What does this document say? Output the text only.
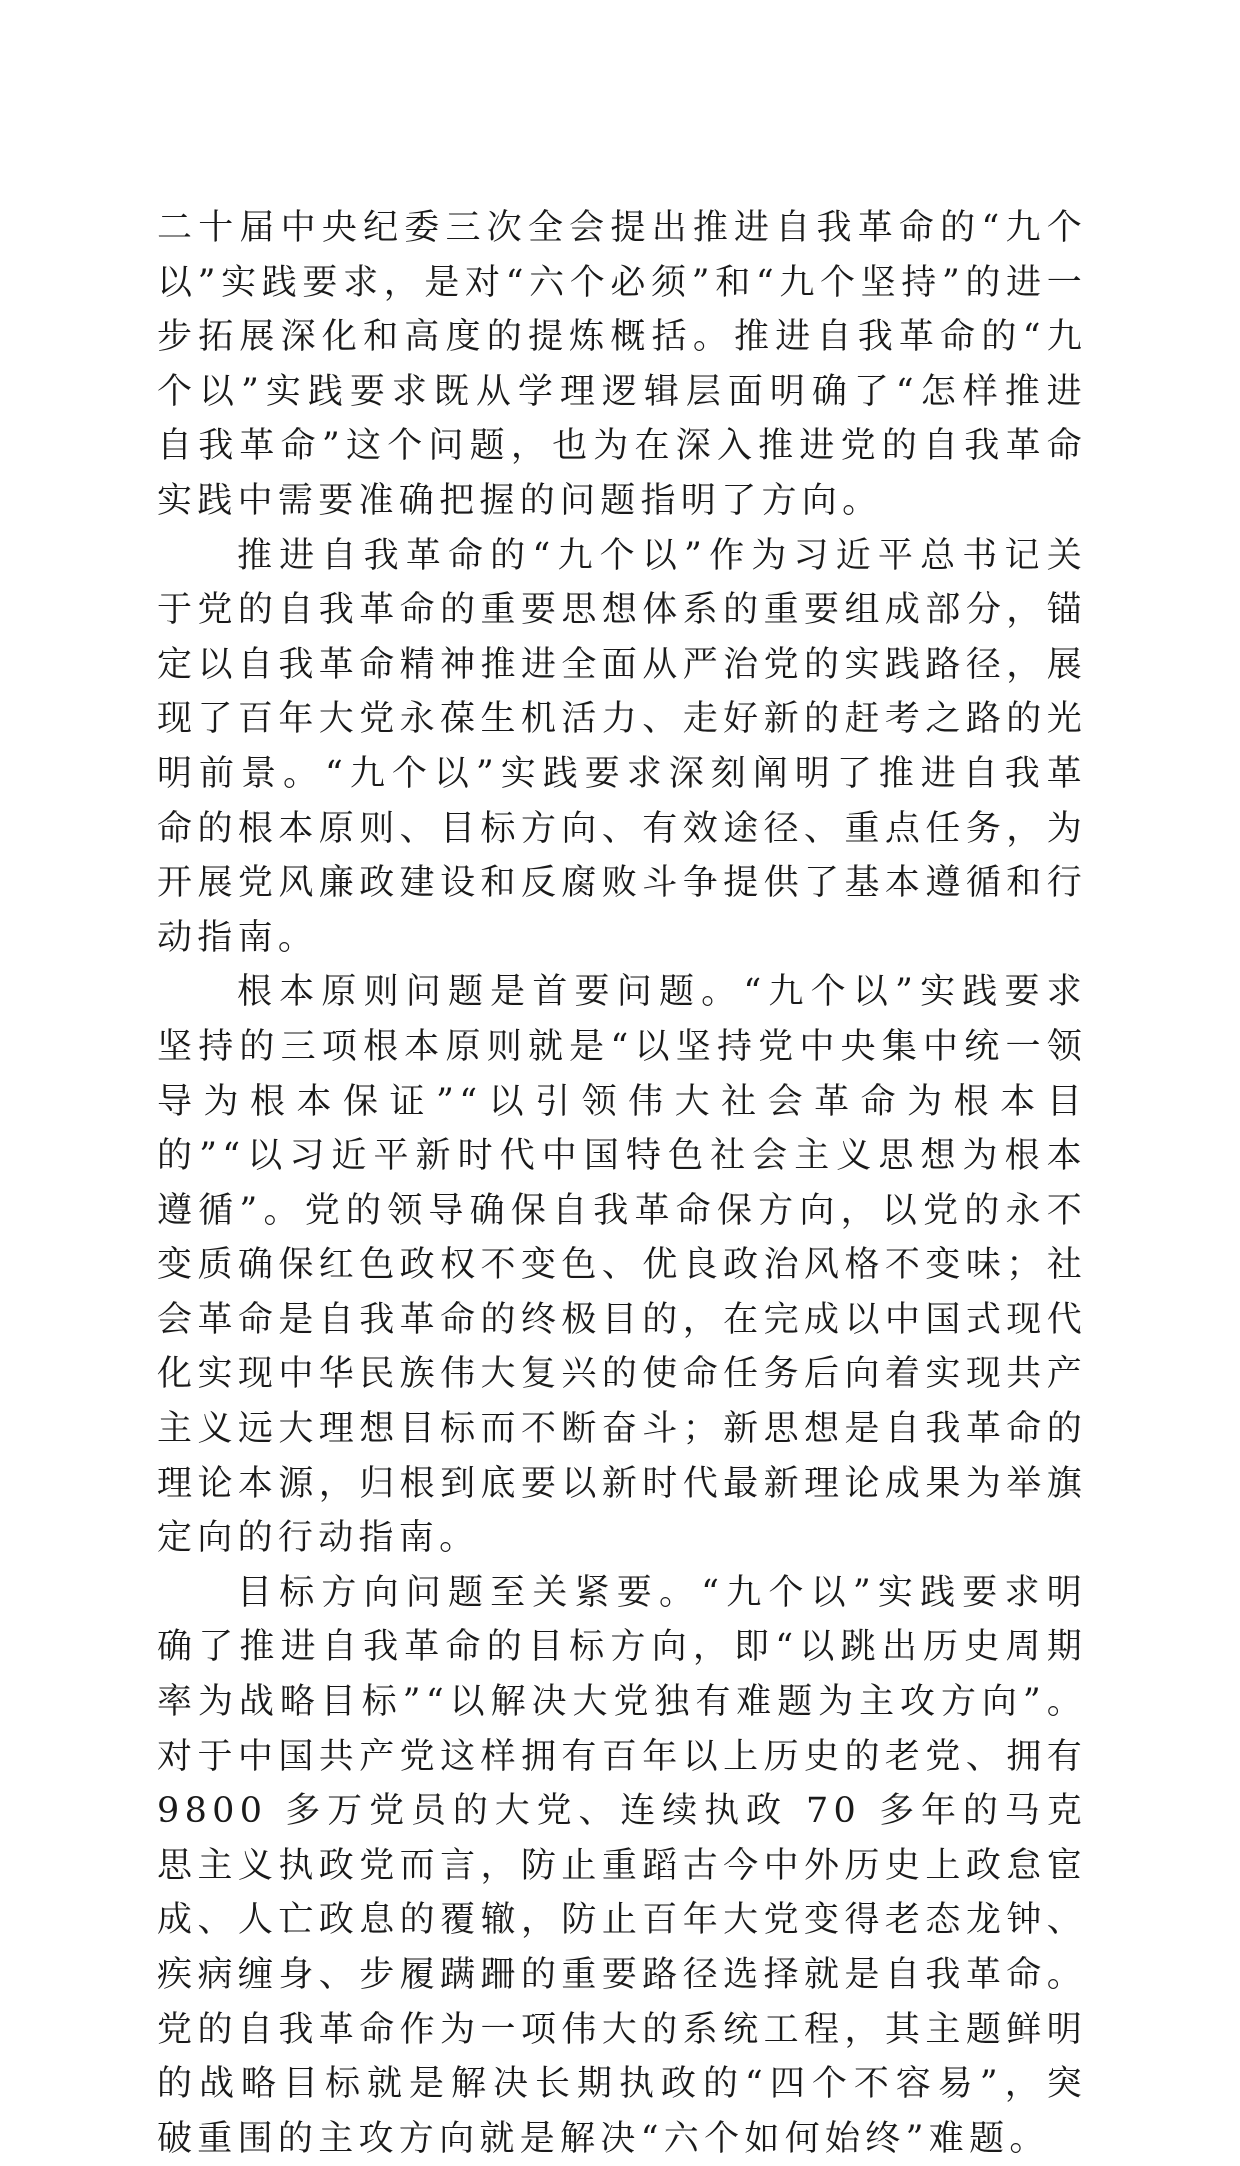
二十届中央纪委三次全会提出推进自我革命的“九个以”实践要求，是对“六个必须”和“九个坚持”的进一步拓展深化和高度的提炼概括。推进自我革命的“九个以”实践要求既从学理逻辑层面明确了“怎样推进自我革命”这个问题，也为在深入推进党的自我革命实践中需要准确把握的问题指明了方向。

推进自我革命的“九个以”作为习近平总书记关于党的自我革命的重要思想体系的重要组成部分，锚定以自我革命精神推进全面从严治党的实践路径，展现了百年大党永葆生机活力、走好新的赶考之路的光明前景。“九个以”实践要求深刻阐明了推进自我革命的根本原则、目标方向、有效途径、重点任务，为开展党风廉政建设和反腐败斗争提供了基本遵循和行动指南。

根本原则问题是首要问题。“九个以”实践要求坚持的三项根本原则就是“以坚持党中央集中统一领导为根本保证”“以引领伟大社会革命为根本目的”“以习近平新时代中国特色社会主义思想为根本遵循”。党的领导确保自我革命保方向，以党的永不变质确保红色政权不变色、优良政治风格不变味；社会革命是自我革命的终极目的，在完成以中国式现代化实现中华民族伟大复兴的使命任务后向着实现共产主义远大理想目标而不断奋斗；新思想是自我革命的理论本源，归根到底要以新时代最新理论成果为举旗定向的行动指南。

目标方向问题至关紧要。“九个以”实践要求明确了推进自我革命的目标方向，即“以跳出历史周期率为战略目标”“以解决大党独有难题为主攻方向”。对于中国共产党这样拥有百年以上历史的老党、拥有 9800 多万党员的大党、连续执政 70 多年的马克思主义执政党而言，防止重蹈古今中外历史上政怠宦成、人亡政息的覆辙，防止百年大党变得老态龙钟、疾病缠身、步履蹒跚的重要路径选择就是自我革命。党的自我革命作为一项伟大的系统工程，其主题鲜明的战略目标就是解决长期执政的“四个不容易”，突破重围的主攻方向就是解决“六个如何始终”难题。
